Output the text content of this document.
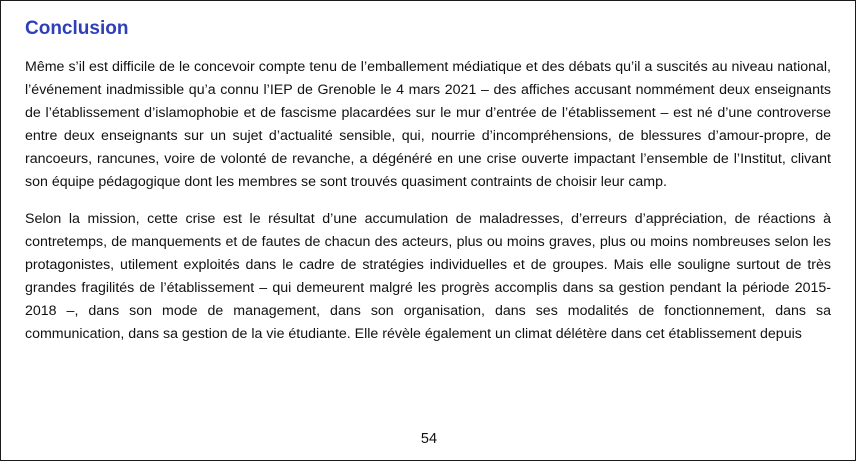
Conclusion

Même s’il est difficile de le concevoir compte tenu de l’emballement médiatique et des débats qu’il a suscités au niveau national, l’événement inadmissible qu’a connu l’IEP de Grenoble le 4 mars 2021 – des affiches accusant nommément deux enseignants de l’établissement d’islamophobie et de fascisme placardées sur le mur d’entrée de l’établissement – est né d’une controverse entre deux enseignants sur un sujet d’actualité sensible, qui, nourrie d’incompréhensions, de blessures d’amour-propre, de rancoeurs, rancunes, voire de volonté de revanche, a dégénéré en une crise ouverte impactant l’ensemble de l’Institut, clivant son équipe pédagogique dont les membres se sont trouvés quasiment contraints de choisir leur camp.

Selon la mission, cette crise est le résultat d’une accumulation de maladresses, d’erreurs d’appréciation, de réactions à contretemps, de manquements et de fautes de chacun des acteurs, plus ou moins graves, plus ou moins nombreuses selon les protagonistes, utilement exploités dans le cadre de stratégies individuelles et de groupes. Mais elle souligne surtout de très grandes fragilités de l’établissement – qui demeurent malgré les progrès accomplis dans sa gestion pendant la période 2015-2018 –, dans son mode de management, dans son organisation, dans ses modalités de fonctionnement, dans sa communication, dans sa gestion de la vie étudiante. Elle révèle également un climat délétère dans cet établissement depuis

54
